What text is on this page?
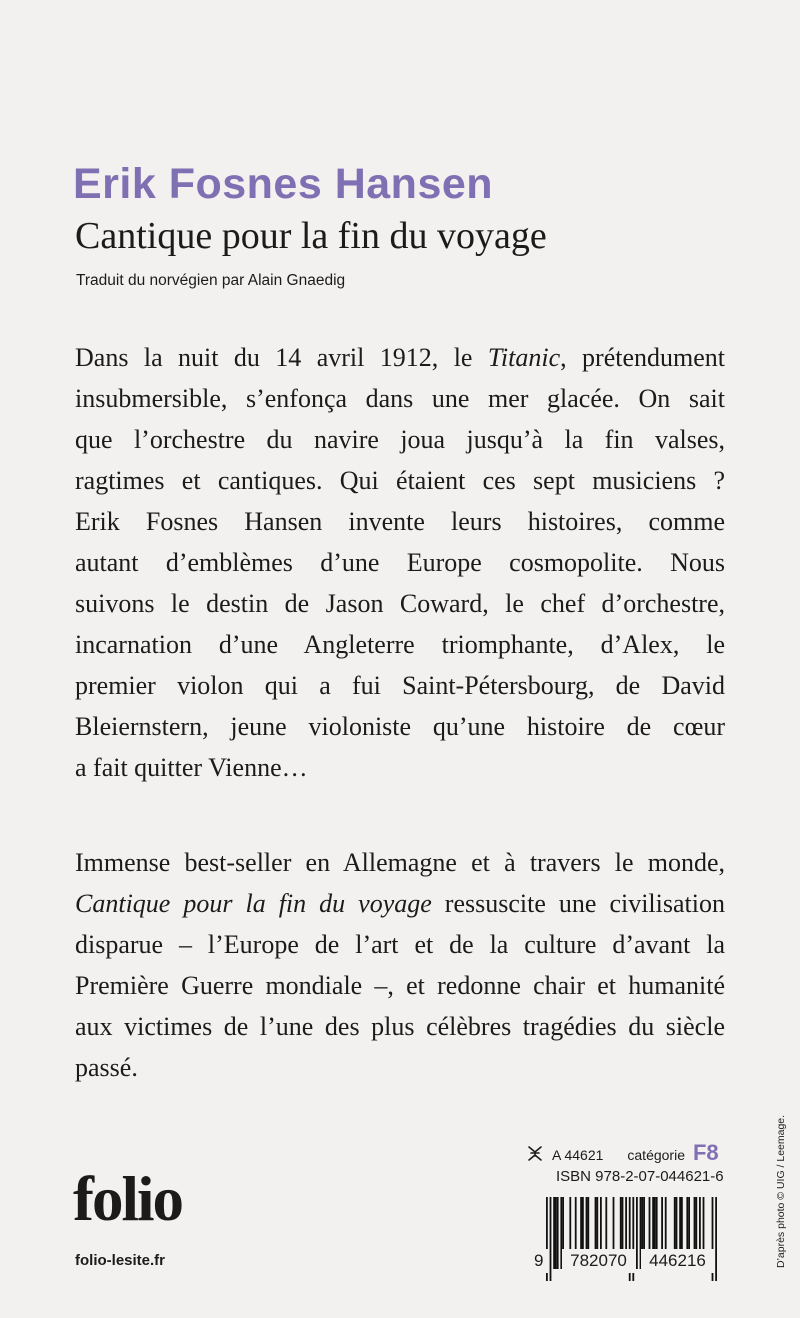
Erik Fosnes Hansen
Cantique pour la fin du voyage
Traduit du norvégien par Alain Gnaedig
Dans la nuit du 14 avril 1912, le Titanic, prétendument
insubmersible, s’enfonça dans une mer glacée. On sait
que l’orchestre du navire joua jusqu’à la fin valses,
ragtimes et cantiques. Qui étaient ces sept musiciens ?
Erik Fosnes Hansen invente leurs histoires, comme
autant d’emblèmes d’une Europe cosmopolite. Nous
suivons le destin de Jason Coward, le chef d’orchestre,
incarnation d’une Angleterre triomphante, d’Alex, le
premier violon qui a fui Saint-Pétersbourg, de David
Bleiernstern, jeune violoniste qu’une histoire de cœur
a fait quitter Vienne…
Immense best-seller en Allemagne et à travers le monde,
Cantique pour la fin du voyage ressuscite une civilisation
disparue – l’Europe de l’art et de la culture d’avant la
Première Guerre mondiale –, et redonne chair et humanité
aux victimes de l’une des plus célèbres tragédies du siècle
passé.
D’après photo © UIG / Leemage.
folio
folio-lesite.fr
A 44621 catégorie F8
ISBN 978-2-07-044621-6
9	782070	446216
